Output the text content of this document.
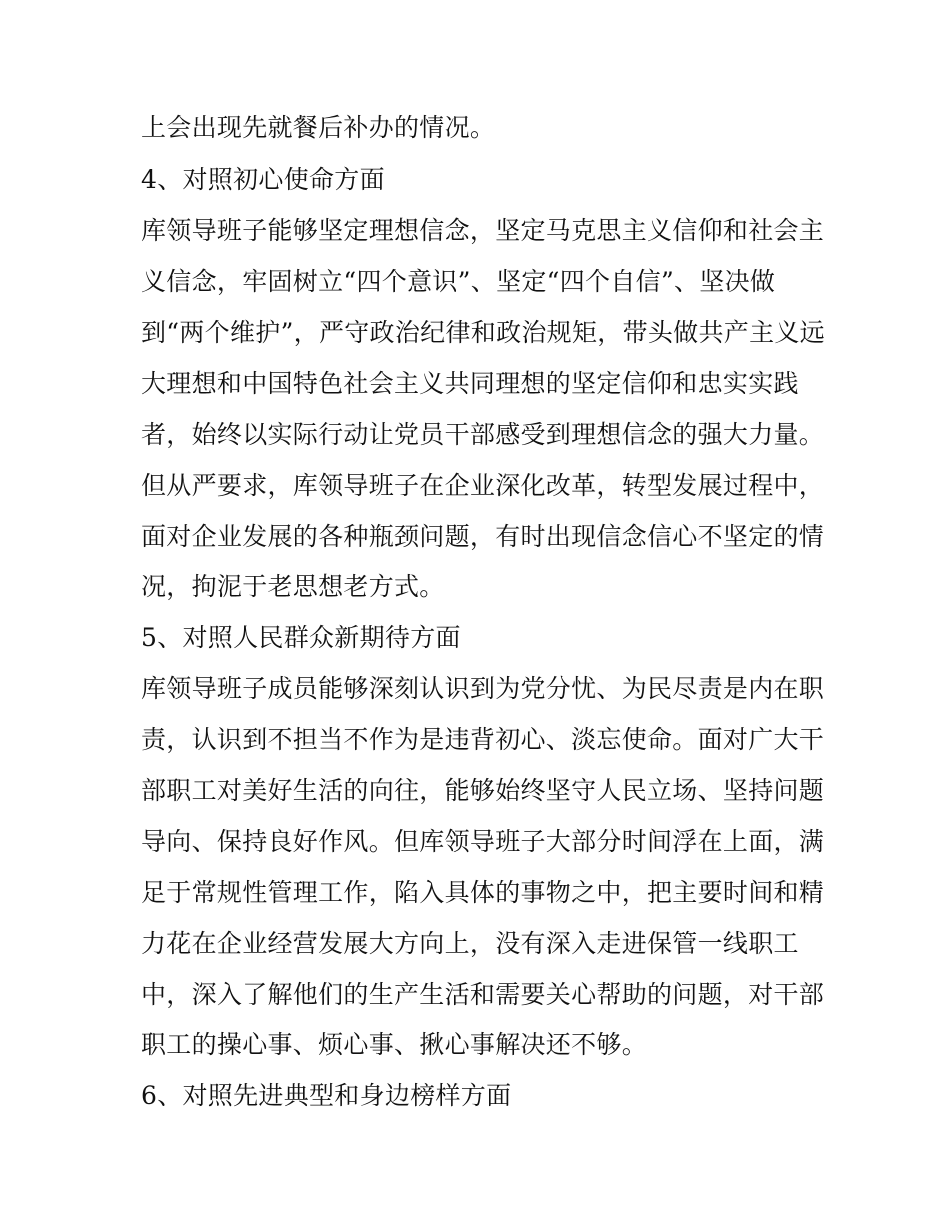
上会出现先就餐后补办的情况。
4、对照初心使命方面
库领导班子能够坚定理想信念，坚定马克思主义信仰和社会主
义信念，牢固树立“四个意识”、坚定“四个自信”、坚决做
到“两个维护”，严守政治纪律和政治规矩，带头做共产主义远
大理想和中国特色社会主义共同理想的坚定信仰和忠实实践
者，始终以实际行动让党员干部感受到理想信念的强大力量。
但从严要求，库领导班子在企业深化改革，转型发展过程中，
面对企业发展的各种瓶颈问题，有时出现信念信心不坚定的情
况，拘泥于老思想老方式。
5、对照人民群众新期待方面
库领导班子成员能够深刻认识到为党分忧、为民尽责是内在职
责，认识到不担当不作为是违背初心、淡忘使命。面对广大干
部职工对美好生活的向往，能够始终坚守人民立场、坚持问题
导向、保持良好作风。但库领导班子大部分时间浮在上面，满
足于常规性管理工作，陷入具体的事物之中，把主要时间和精
力花在企业经营发展大方向上，没有深入走进保管一线职工
中，深入了解他们的生产生活和需要关心帮助的问题，对干部
职工的操心事、烦心事、揪心事解决还不够。
6、对照先进典型和身边榜样方面
